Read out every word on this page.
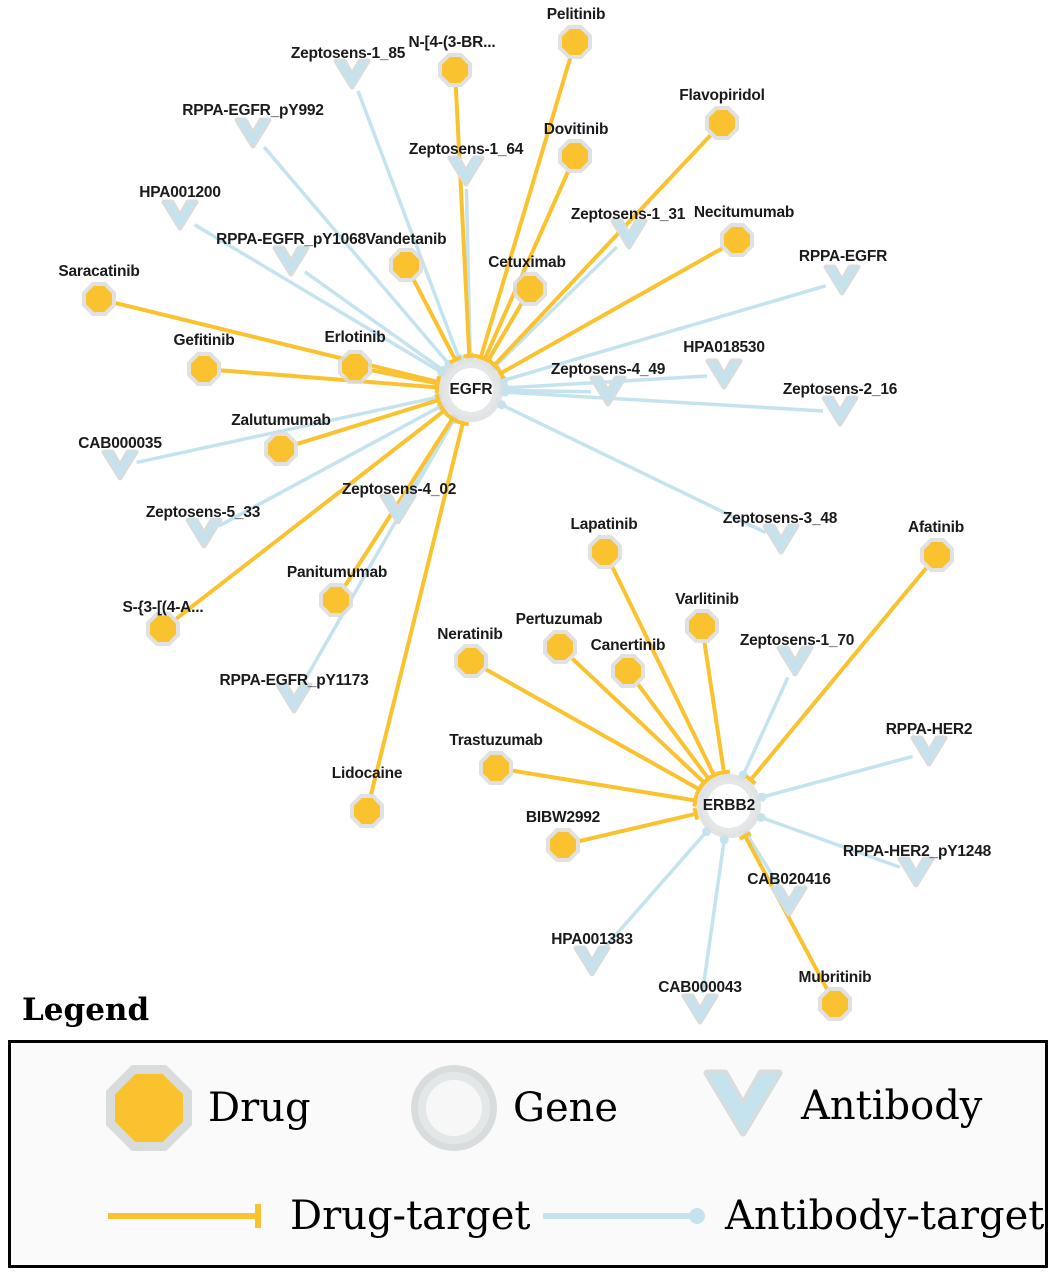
Zeptosens-1_85
RPPA-EGFR_pY992
Zeptosens-1_64
HPA001200
Zeptosens-1_31
RPPA-EGFR_pY1068
RPPA-EGFR
HPA018530
Zeptosens-4_49
Zeptosens-2_16
CAB000035
Zeptosens-5_33
Zeptosens-4_02
Zeptosens-3_48
Zeptosens-1_70
RPPA-EGFR_pY1173
RPPA-HER2
RPPA-HER2_pY1248
CAB020416
HPA001383
CAB000043
Pelitinib
N-[4-(3-BR...
Dovitinib
Flavopiridol
Necitumumab
Vandetanib
Cetuximab
Saracatinib
Gefitinib	Erlotinib
Zalutumumab
Lapatinib	Afatinib
Varlitinib
Panitumumab
S-{3-[(4-A...
Pertuzumab
Canertinib
Neratinib
Trastuzumab
Lidocaine
BIBW2992
Mubritinib
EGFR
ERBB2
Legend
Drug	Gene	Antibody
Drug-target	Antibody-target
